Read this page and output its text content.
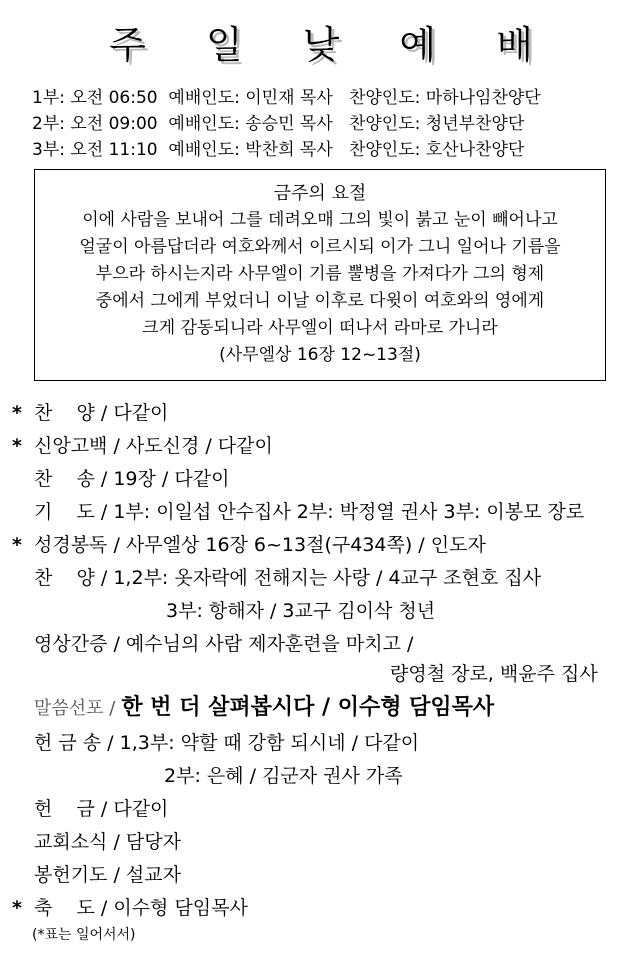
주 일 낮 예 배
1부: 오전 06:50  예배인도: 이민재 목사   찬양인도: 마하나임찬양단
2부: 오전 09:00  예배인도: 송승민 목사   찬양인도: 청년부찬양단
3부: 오전 11:10  예배인도: 박찬희 목사   찬양인도: 호산나찬양단
금주의 요절
이에 사람을 보내어 그를 데려오매 그의 빛이 붉고 눈이 빼어나고
얼굴이 아름답더라 여호와께서 이르시되 이가 그니 일어나 기름을
부으라 하시는지라 사무엘이 기름 뿔병을 가져다가 그의 형제
중에서 그에게 부었더니 이날 이후로 다윗이 여호와의 영에게
크게 감동되니라 사무엘이 떠나서 라마로 가니라
(사무엘상 16장 12~13절)
* 찬    양 / 다같이
* 신앙고백 / 사도신경 / 다같이
찬    송 / 19장 / 다같이
기    도 / 1부: 이일섭 안수집사 2부: 박정열 권사 3부: 이봉모 장로
* 성경봉독 / 사무엘상 16장 6~13절(구434쪽) / 인도자
찬    양 / 1,2부: 옷자락에 전해지는 사랑 / 4교구 조현호 집사
3부: 항해자 / 3교구 김이삭 청년
영상간증 / 예수님의 사람 제자훈련을 마치고 /
량영철 장로, 백윤주 집사
말씀선포 / 한 번 더 살펴봅시다 / 이수형 담임목사
헌 금 송 / 1,3부: 약할 때 강함 되시네 / 다같이
2부: 은혜 / 김군자 권사 가족
헌    금 / 다같이
교회소식 / 담당자
봉헌기도 / 설교자
* 축    도 / 이수형 담임목사
(*표는 일어서서)
